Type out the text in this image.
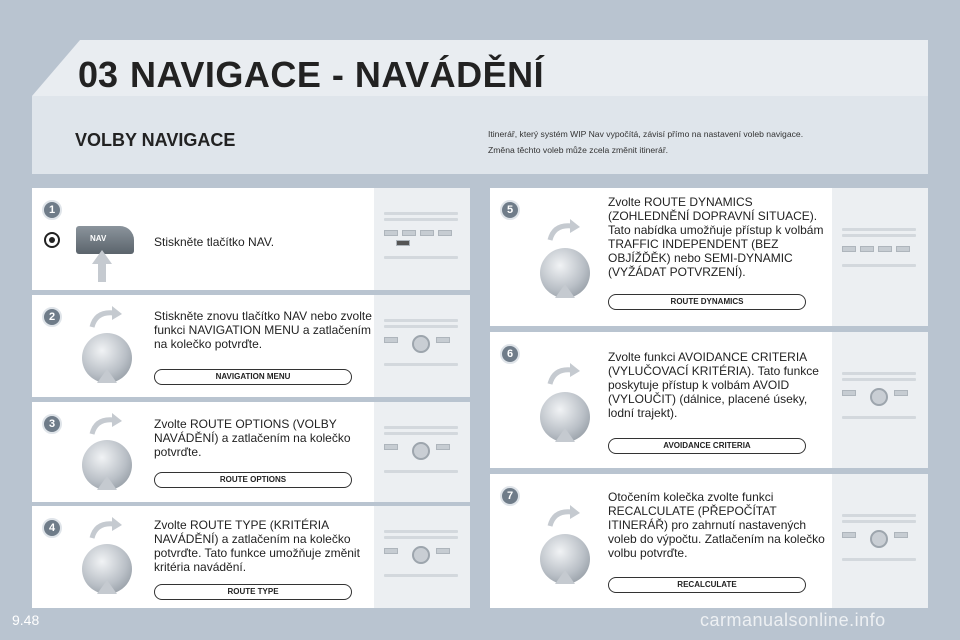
03 NAVIGACE - NAVÁDĚNÍ
VOLBY NAVIGACE	Itinerář, který systém WIP Nav vypočítá, závisí přímo na nastavení voleb navigace.
Změna těchto voleb může zcela změnit itinerář.
1
NAV	Stiskněte tlačítko NAV.
2	Stiskněte znovu tlačítko NAV nebo zvolte funkci NAVIGATION MENU a zatlačením na kolečko potvrďte.
NAVIGATION MENU
3	Zvolte ROUTE OPTIONS (VOLBY NAVÁDĚNÍ) a zatlačením na kolečko potvrďte.
ROUTE OPTIONS
4	Zvolte ROUTE TYPE (KRITÉRIA NAVÁDĚNÍ) a zatlačením na kolečko potvrďte. Tato funkce umožňuje změnit kritéria navádění.
ROUTE TYPE
5
Zvolte ROUTE DYNAMICS (ZOHLEDNĚNÍ DOPRAVNÍ SITUACE). Tato nabídka umožňuje přístup k volbám TRAFFIC INDEPENDENT (BEZ OBJÍŽĎĚK) nebo SEMI-DYNAMIC (VYŽÁDAT POTVRZENÍ).
ROUTE DYNAMICS
6	Zvolte funkci AVOIDANCE CRITERIA (VYLUČOVACÍ KRITÉRIA). Tato funkce poskytuje přístup k volbám AVOID (VYLOUČIT) (dálnice, placené úseky, lodní trajekt).
AVOIDANCE CRITERIA
7	Otočením kolečka zvolte funkci RECALCULATE (PŘEPOČÍTAT ITINERÁŘ) pro zahrnutí nastavených voleb do výpočtu. Zatlačením na kolečko volbu potvrďte.
RECALCULATE
9.48	carmanualsonline.info
